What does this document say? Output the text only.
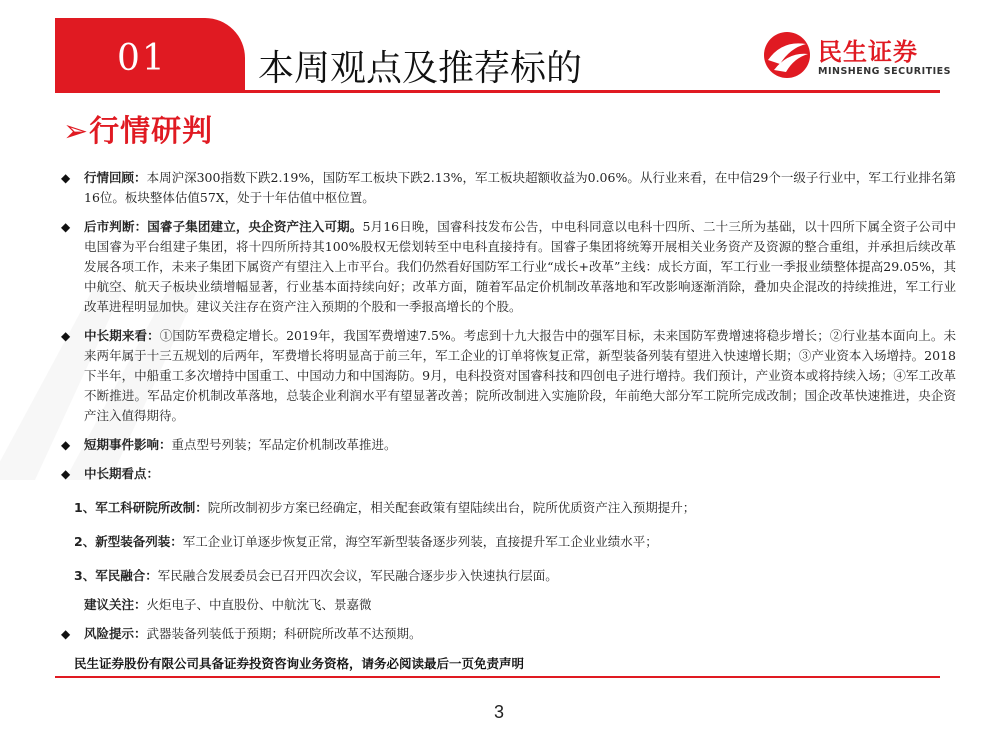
01	本周观点及推荐标的	民生证券
MINSHENG SECURITIES
➢行情研判
◆ 行情回顾：本周沪深300指数下跌2.19%，国防军工板块下跌2.13%，军工板块超额收益为0.06%。从行业来看，在中信29个一级子行业中，军工行业排名第16位。板块整体估值57X，处于十年估值中枢位置。
◆ 后市判断：国睿子集团建立，央企资产注入可期。5月16日晚，国睿科技发布公告，中电科同意以电科十四所、二十三所为基础，以十四所下属全资子公司中电国睿为平台组建子集团，将十四所所持其100%股权无偿划转至中电科直接持有。国睿子集团将统筹开展相关业务资产及资源的整合重组，并承担后续改革发展各项工作，未来子集团下属资产有望注入上市平台。我们仍然看好国防军工行业“成长+改革”主线：成长方面，军工行业一季报业绩整体提高29.05%，其中航空、航天子板块业绩增幅显著，行业基本面持续向好；改革方面，随着军品定价机制改革落地和军改影响逐渐消除，叠加央企混改的持续推进，军工行业改革进程明显加快。建议关注存在资产注入预期的个股和一季报高增长的个股。
◆ 中长期来看：①国防军费稳定增长。2019年，我国军费增速7.5%。考虑到十九大报告中的强军目标，未来国防军费增速将稳步增长；②行业基本面向上。未来两年属于十三五规划的后两年，军费增长将明显高于前三年，军工企业的订单将恢复正常，新型装备列装有望进入快速增长期；③产业资本入场增持。2018下半年，中船重工多次增持中国重工、中国动力和中国海防。9月，电科投资对国睿科技和四创电子进行增持。我们预计，产业资本或将持续入场；④军工改革不断推进。军品定价机制改革落地，总装企业利润水平有望显著改善；院所改制进入实施阶段，年前绝大部分军工院所完成改制；国企改革快速推进，央企资产注入值得期待。
◆ 短期事件影响：重点型号列装；军品定价机制改革推进。
◆ 中长期看点：
1、军工科研院所改制：院所改制初步方案已经确定，相关配套政策有望陆续出台，院所优质资产注入预期提升；
2、新型装备列装：军工企业订单逐步恢复正常，海空军新型装备逐步列装，直接提升军工企业业绩水平；
3、军民融合：军民融合发展委员会已召开四次会议，军民融合逐步步入快速执行层面。
建议关注：火炬电子、中直股份、中航沈飞、景嘉微
◆ 风险提示：武器装备列装低于预期；科研院所改革不达预期。
民生证券股份有限公司具备证券投资咨询业务资格，请务必阅读最后一页免责声明
3
